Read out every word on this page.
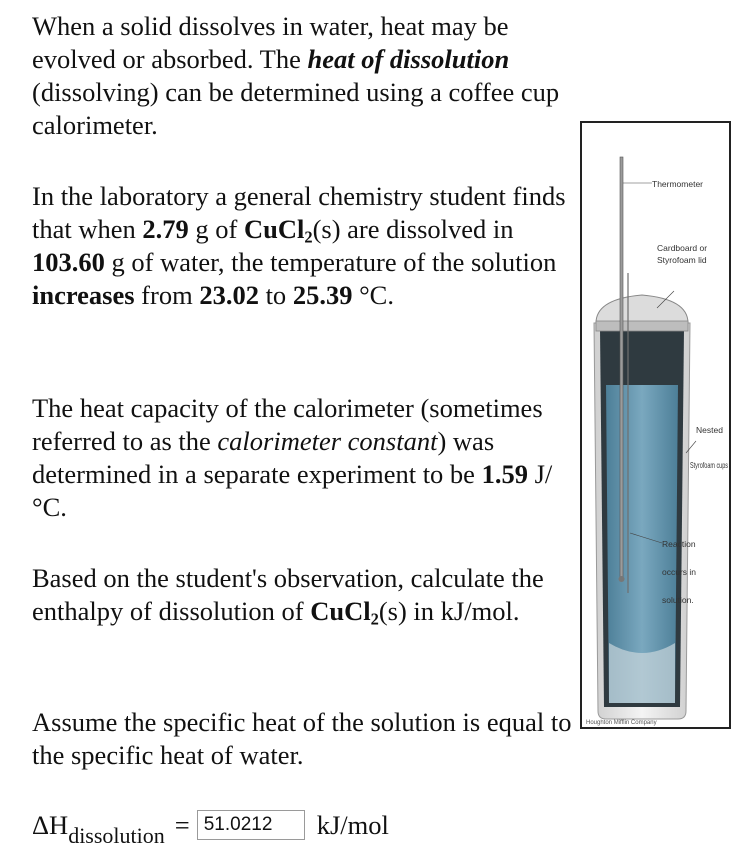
When a solid dissolves in water, heat may be evolved or absorbed. The heat of dissolution (dissolving) can be determined using a coffee cup calorimeter.

In the laboratory a general chemistry student finds that when 2.79 g of CuCl$_2$(s) are dissolved in 103.60 g of water, the temperature of the solution increases from 23.02 to 25.39 °C.

The heat capacity of the calorimeter (sometimes referred to as the calorimeter constant) was determined in a separate experiment to be 1.59 J/°C.

Based on the student's observation, calculate the enthalpy of dissolution of CuCl$_2$(s) in kJ/mol.

Assume the specific heat of the solution is equal to the specific heat of water.

$\Delta H_{dissolution}$ =
51.0212	kJ/mol
Thermometer
Cardboard or
Styrofoam lid
Nested
Styrofoam cups
Reaction
occurs in
solution.
Houghton Mifflin Company
